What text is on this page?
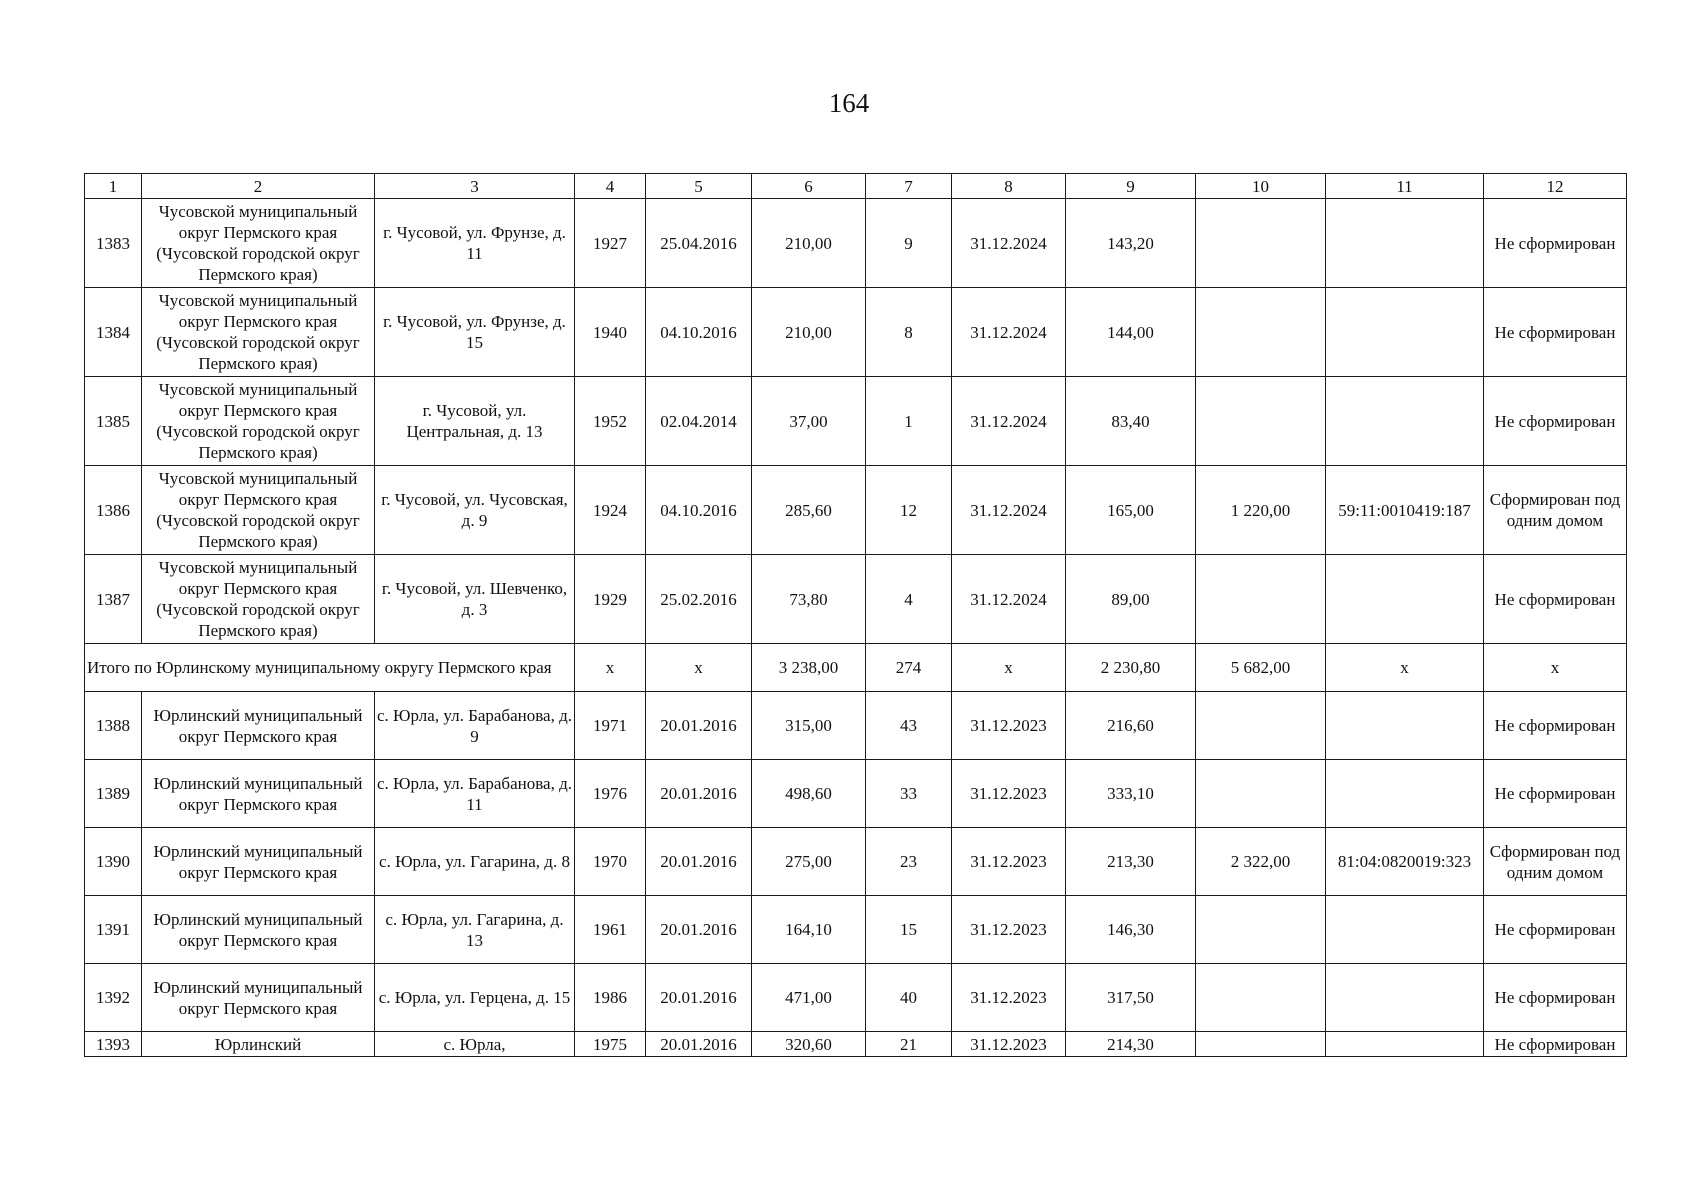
164
1	2	3	4	5	6	7	8	9	10	11	12
1383	Чусовской муниципальный округ Пермского края (Чусовской городской округ Пермского края)	г. Чусовой, ул. Фрунзе, д. 11	1927	25.04.2016	210,00	9	31.12.2024	143,20			Не сформирован
1384	Чусовской муниципальный округ Пермского края (Чусовской городской округ Пермского края)	г. Чусовой, ул. Фрунзе, д. 15	1940	04.10.2016	210,00	8	31.12.2024	144,00			Не сформирован
1385	Чусовской муниципальный округ Пермского края (Чусовской городской округ Пермского края)	г. Чусовой, ул. Центральная, д. 13	1952	02.04.2014	37,00	1	31.12.2024	83,40			Не сформирован
1386	Чусовской муниципальный округ Пермского края (Чусовской городской округ Пермского края)	г. Чусовой, ул. Чусовская, д. 9	1924	04.10.2016	285,60	12	31.12.2024	165,00	1 220,00	59:11:0010419:187	Сформирован под одним домом
1387	Чусовской муниципальный округ Пермского края (Чусовской городской округ Пермского края)	г. Чусовой, ул. Шевченко, д. 3	1929	25.02.2016	73,80	4	31.12.2024	89,00			Не сформирован
Итого по Юрлинскому муниципальному округу Пермского края			x	x	3 238,00	274	x	2 230,80	5 682,00	x	x
1388	Юрлинский муниципальный округ Пермского края	с. Юрла, ул. Барабанова, д. 9	1971	20.01.2016	315,00	43	31.12.2023	216,60			Не сформирован
1389	Юрлинский муниципальный округ Пермского края	с. Юрла, ул. Барабанова, д. 11	1976	20.01.2016	498,60	33	31.12.2023	333,10			Не сформирован
1390	Юрлинский муниципальный округ Пермского края	с. Юрла, ул. Гагарина, д. 8	1970	20.01.2016	275,00	23	31.12.2023	213,30	2 322,00	81:04:0820019:323	Сформирован под одним домом
1391	Юрлинский муниципальный округ Пермского края	с. Юрла, ул. Гагарина, д. 13	1961	20.01.2016	164,10	15	31.12.2023	146,30			Не сформирован
1392	Юрлинский муниципальный округ Пермского края	с. Юрла, ул. Герцена, д. 15	1986	20.01.2016	471,00	40	31.12.2023	317,50			Не сформирован
1393	Юрлинский	с. Юрла,	1975	20.01.2016	320,60	21	31.12.2023	214,30			Не сформирован
